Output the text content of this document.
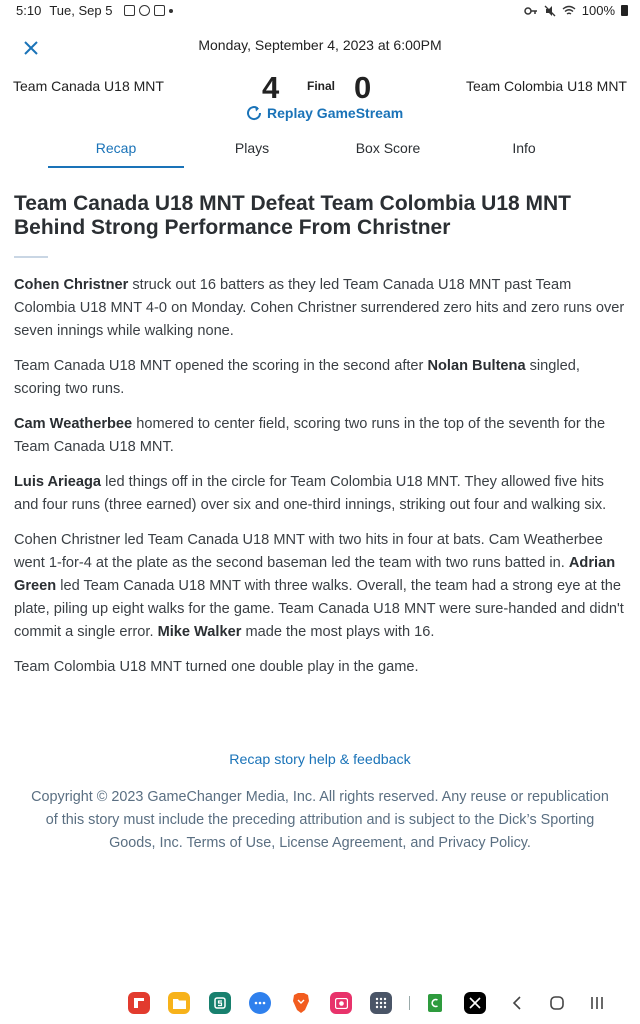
5:10 Tue, Sep 5	100%
Monday, September 4, 2023 at 6:00PM
Team Canada U18 MNT	4 Final 0	Team Colombia U18 MNT
Replay GameStream
Recap	Plays	Box Score	Info
Team Canada U18 MNT Defeat Team Colombia U18 MNT Behind Strong Performance From Christner

Cohen Christner struck out 16 batters as they led Team Canada U18 MNT past Team Colombia U18 MNT 4-0 on Monday. Cohen Christner surrendered zero hits and zero runs over seven innings while walking none.

Team Canada U18 MNT opened the scoring in the second after Nolan Bultena singled, scoring two runs.

Cam Weatherbee homered to center field, scoring two runs in the top of the seventh for the Team Canada U18 MNT.

Luis Arieaga led things off in the circle for Team Colombia U18 MNT. They allowed five hits and four runs (three earned) over six and one-third innings, striking out four and walking six.

Cohen Christner led Team Canada U18 MNT with two hits in four at bats. Cam Weatherbee went 1-for-4 at the plate as the second baseman led the team with two runs batted in. Adrian Green led Team Canada U18 MNT with three walks. Overall, the team had a strong eye at the plate, piling up eight walks for the game. Team Canada U18 MNT were sure-handed and didn't commit a single error. Mike Walker made the most plays with 16.

Team Colombia U18 MNT turned one double play in the game.

Recap story help & feedback
Copyright © 2023 GameChanger Media, Inc. All rights reserved. Any reuse or republication of this story must include the preceding attribution and is subject to the Dick’s Sporting Goods, Inc. Terms of Use, License Agreement, and Privacy Policy.
